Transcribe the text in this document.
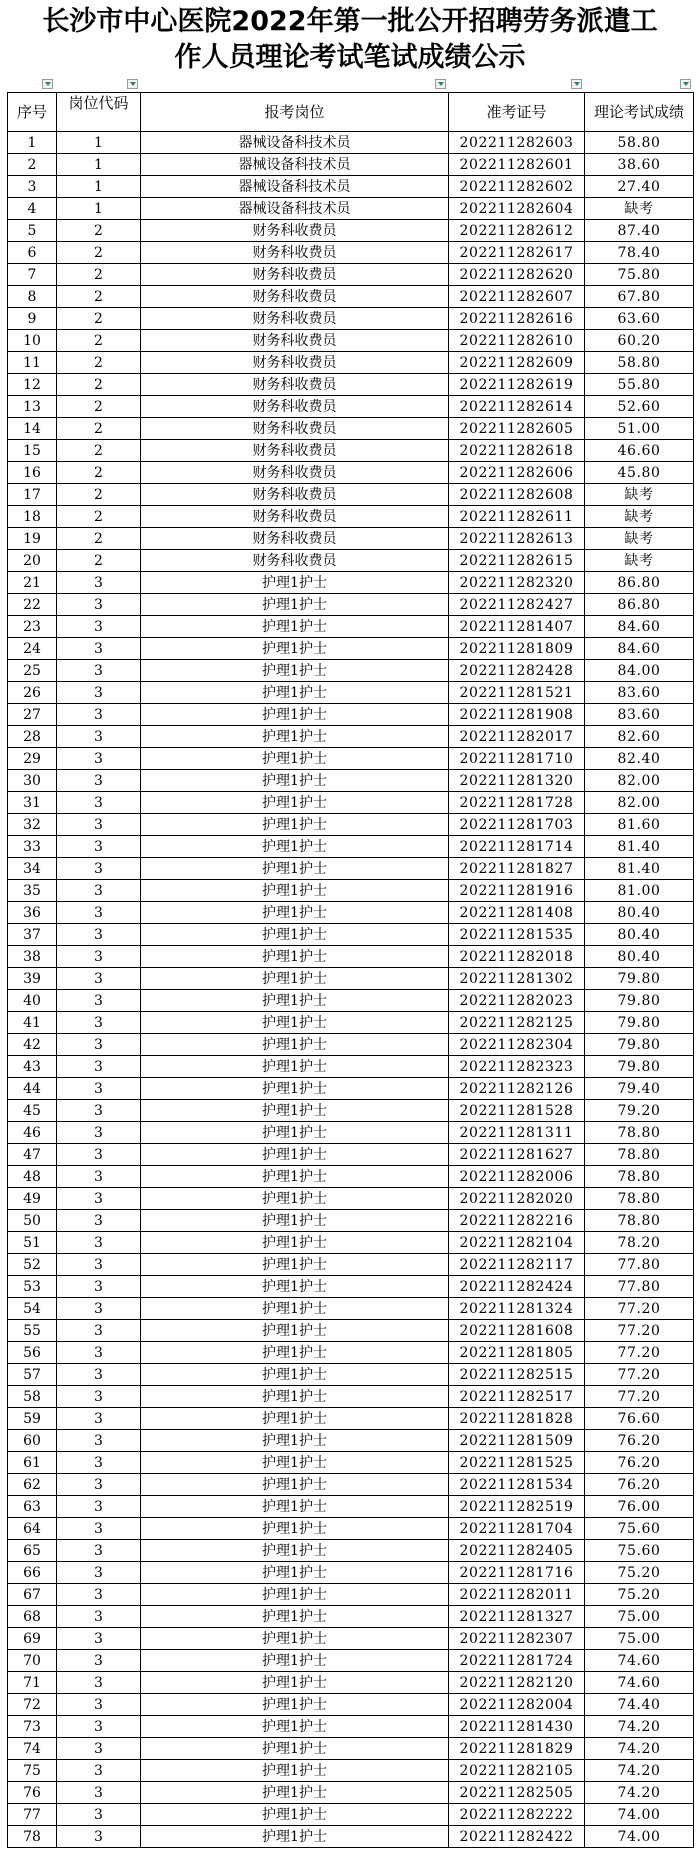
长沙市中心医院2022年第一批公开招聘劳务派遣工
作人员理论考试笔试成绩公示
序号	岗位代码	报考岗位	准考证号	理论考试成绩
1	1	器械设备科技术员	202211282603	58.80
2	1	器械设备科技术员	202211282601	38.60
3	1	器械设备科技术员	202211282602	27.40
4	1	器械设备科技术员	202211282604	缺考
5	2	财务科收费员	202211282612	87.40
6	2	财务科收费员	202211282617	78.40
7	2	财务科收费员	202211282620	75.80
8	2	财务科收费员	202211282607	67.80
9	2	财务科收费员	202211282616	63.60
10	2	财务科收费员	202211282610	60.20
11	2	财务科收费员	202211282609	58.80
12	2	财务科收费员	202211282619	55.80
13	2	财务科收费员	202211282614	52.60
14	2	财务科收费员	202211282605	51.00
15	2	财务科收费员	202211282618	46.60
16	2	财务科收费员	202211282606	45.80
17	2	财务科收费员	202211282608	缺考
18	2	财务科收费员	202211282611	缺考
19	2	财务科收费员	202211282613	缺考
20	2	财务科收费员	202211282615	缺考
21	3	护理1护士	202211282320	86.80
22	3	护理1护士	202211282427	86.80
23	3	护理1护士	202211281407	84.60
24	3	护理1护士	202211281809	84.60
25	3	护理1护士	202211282428	84.00
26	3	护理1护士	202211281521	83.60
27	3	护理1护士	202211281908	83.60
28	3	护理1护士	202211282017	82.60
29	3	护理1护士	202211281710	82.40
30	3	护理1护士	202211281320	82.00
31	3	护理1护士	202211281728	82.00
32	3	护理1护士	202211281703	81.60
33	3	护理1护士	202211281714	81.40
34	3	护理1护士	202211281827	81.40
35	3	护理1护士	202211281916	81.00
36	3	护理1护士	202211281408	80.40
37	3	护理1护士	202211281535	80.40
38	3	护理1护士	202211282018	80.40
39	3	护理1护士	202211281302	79.80
40	3	护理1护士	202211282023	79.80
41	3	护理1护士	202211282125	79.80
42	3	护理1护士	202211282304	79.80
43	3	护理1护士	202211282323	79.80
44	3	护理1护士	202211282126	79.40
45	3	护理1护士	202211281528	79.20
46	3	护理1护士	202211281311	78.80
47	3	护理1护士	202211281627	78.80
48	3	护理1护士	202211282006	78.80
49	3	护理1护士	202211282020	78.80
50	3	护理1护士	202211282216	78.80
51	3	护理1护士	202211282104	78.20
52	3	护理1护士	202211282117	77.80
53	3	护理1护士	202211282424	77.80
54	3	护理1护士	202211281324	77.20
55	3	护理1护士	202211281608	77.20
56	3	护理1护士	202211281805	77.20
57	3	护理1护士	202211282515	77.20
58	3	护理1护士	202211282517	77.20
59	3	护理1护士	202211281828	76.60
60	3	护理1护士	202211281509	76.20
61	3	护理1护士	202211281525	76.20
62	3	护理1护士	202211281534	76.20
63	3	护理1护士	202211282519	76.00
64	3	护理1护士	202211281704	75.60
65	3	护理1护士	202211282405	75.60
66	3	护理1护士	202211281716	75.20
67	3	护理1护士	202211282011	75.20
68	3	护理1护士	202211281327	75.00
69	3	护理1护士	202211282307	75.00
70	3	护理1护士	202211281724	74.60
71	3	护理1护士	202211282120	74.60
72	3	护理1护士	202211282004	74.40
73	3	护理1护士	202211281430	74.20
74	3	护理1护士	202211281829	74.20
75	3	护理1护士	202211282105	74.20
76	3	护理1护士	202211282505	74.20
77	3	护理1护士	202211282222	74.00
78	3	护理1护士	202211282422	74.00
